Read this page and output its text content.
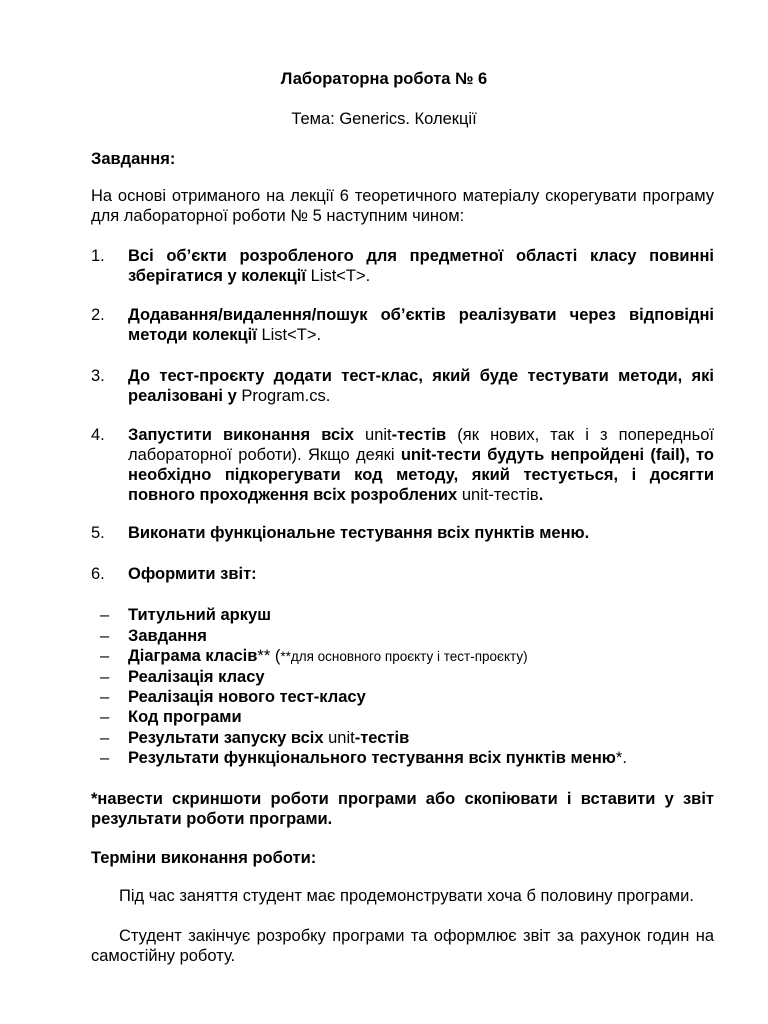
Лабораторна робота № 6
Тема: Generics. Колекції
Завдання:
На основі отриманого на лекції 6 теоретичного матеріалу скорегувати програму для лабораторної роботи № 5 наступним чином:
1.	Всі об’єкти розробленого для предметної області класу повинні зберігатися у колекції List<T>.
2.	Додавання/видалення/пошук об’єктів реалізувати через відповідні методи колекції List<T>.
3.	До тест-проєкту додати тест-клас, який буде тестувати методи, які реалізовані у Program.cs.
4.	Запустити виконання всіх unit-тестів (як нових, так і з попередньої лабораторної роботи). Якщо деякі unit-тести будуть непройдені (fail), то необхідно підкорегувати код методу, який тестується, і досягти повного проходження всіх розроблених unit-тестів.
5.	Виконати функціональне тестування всіх пунктів меню.
6.	Оформити звіт:
– Титульний аркуш
– Завдання
– Діаграма класів** (**для основного проєкту і тест-проєкту)
– Реалізація класу
– Реалізація нового тест-класу
– Код програми
– Результати запуску всіх unit-тестів
– Результати функціонального тестування всіх пунктів меню*.
*навести скриншоти роботи програми або скопіювати і вставити у звіт результати роботи програми.
Терміни виконання роботи:
Під час заняття студент має продемонструвати хоча б половину програми.
Студент закінчує розробку програми та оформлює звіт за рахунок годин на самостійну роботу.
